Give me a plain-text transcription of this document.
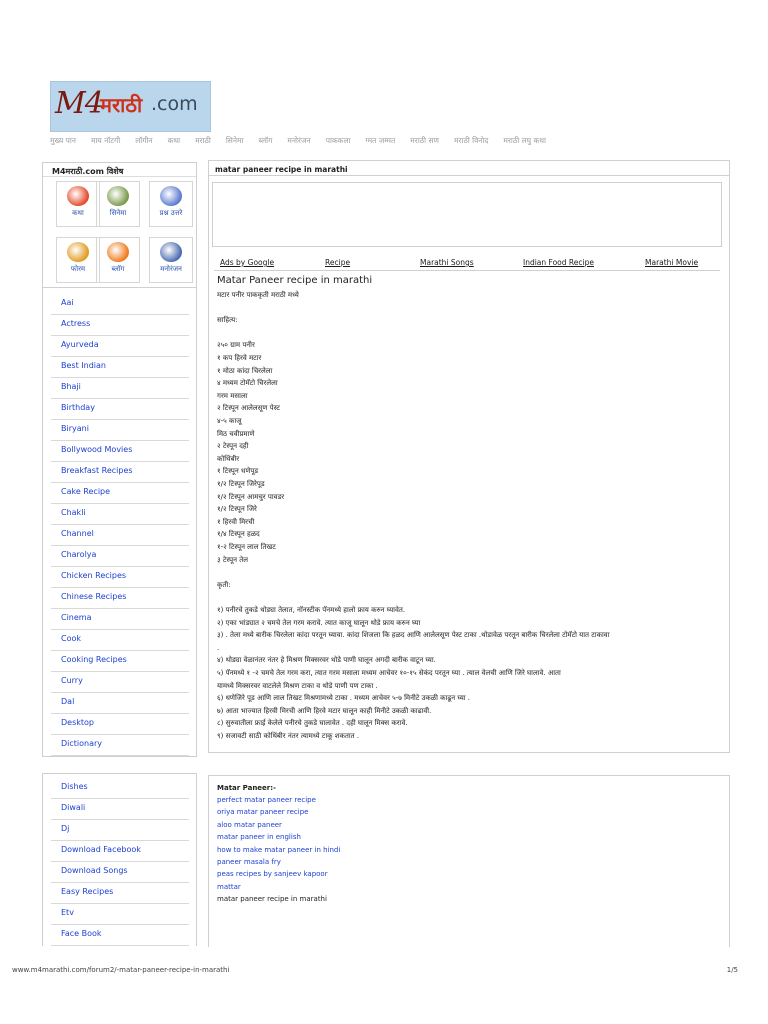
M4
मराठी .com
मुख्य पान माय नॉटगी लॉगीन कथा मराठी सिनेमा ब्लॉग मनोरंजन पाककला ग्मत जम्मत मराठी सण मराठी विनोद मराठी लघु कथा
M4मराठी.com विशेष
कथा	सिनेमा	प्रश्न उत्तरे
फोरम	ब्लॉग	मनोरंजन
Aai
Actress
Ayurveda
Best Indian
Bhaji
Birthday
Biryani
Bollywood Movies
Breakfast Recipes
Cake Recipe
Chakli
Channel
Charolya
Chicken Recipes
Chinese Recipes
Cinema
Cook
Cooking Recipes
Curry
Dal
Desktop
Dictionary
Dishes
Diwali
Dj
Download Facebook
Download Songs
Easy Recipes
Etv
Face Book
matar paneer recipe in marathi
Ads by Google	Recipe	Marathi Songs	Indian Food Recipe	Marathi Movie
Matar Paneer recipe in marathi
मटार पनीर पाककृती मराठी मध्ये
साहित्य:
२५० ग्राम पनीर
१ कप हिरवे मटार
१ मोठा कांदा चिरलेला
४ मध्यम टोमॅटो चिरलेला
गरम मसाला
२ टिस्पून आलेलसूण पेस्ट
४-५ काजू
मिठ चवीप्रमाणे
२ टेस्पून दही
कोथिंबीर
१ टिस्पून धणेपूड
१/२ टिस्पून जिरेपूड
१/२ टिस्पून आमचुर पावडर
१/२ टिस्पून जिरे
१ हिरवी मिरची
१/४ टिस्पून हळद
१-२ टिस्पून लाल तिखट
३ टेस्पून तेल
कृती:
१) पनीरचे तुकडे थोड्या तेलात, नॉनस्टीक पॅनमध्ये हालो फ्राय करुन घ्यावेत.
२) एका भांड्यात २ चमचे तेल गरम करावे. त्यात काजू घालून थोडे फ्राय करुन घ्या
३) . तेला मध्ये बारीक चिरलेला कांदा परतून घ्यावा. कांदा शिजला कि हळद आणि आलेलसूण पेस्ट टाका .थोडावेळ परतून बारीक चिरलेला टोमॅटो यात टाकावा
.
४) थोड्या वेळानंतर नंतर हे मिश्रण मिक्सरवर थोडे पाणी घालून अगदी बारीक वाटून घ्या.
५) पॅनमध्ये १ -२ चमचे तेल गरम करा, त्यात गरम मसाला मध्यम आचेवर १०-१५ सेकंद परतून घ्या . त्याल वेलची आणि जिरे घालावे. आता
यामध्ये मिक्सरवर वाटलेले मिश्रण टाका व थोडे पाणी पण टाका .
६) धणेजिरे पूड आणि लाल तिखट मिश्रणामध्ये टाका . मध्यम आचेवर ५-७ मिनीटे उकळी काढून घ्या .
७) आता भाज्यात हिरवी मिरची आणि हिरवे मटार घालून काही मिनीटे उकळी काढावी.
८) सुरुवातीला फ्राई केलेले पनीरचे तुकडे घालावेत . दही घालून मिक्स करावे.
९) सजावटी साठी कोथिंबीर नंतर त्यामध्ये टाकू शकतात .
Matar Paneer:-
perfect matar paneer recipe
oriya matar paneer recipe
aloo matar paneer
matar paneer in english
how to make matar paneer in hindi
paneer masala fry
peas recipes by sanjeev kapoor
mattar
matar paneer recipe in marathi
www.m4marathi.com/forum2/-matar-paneer-recipe-in-marathi	1/5
